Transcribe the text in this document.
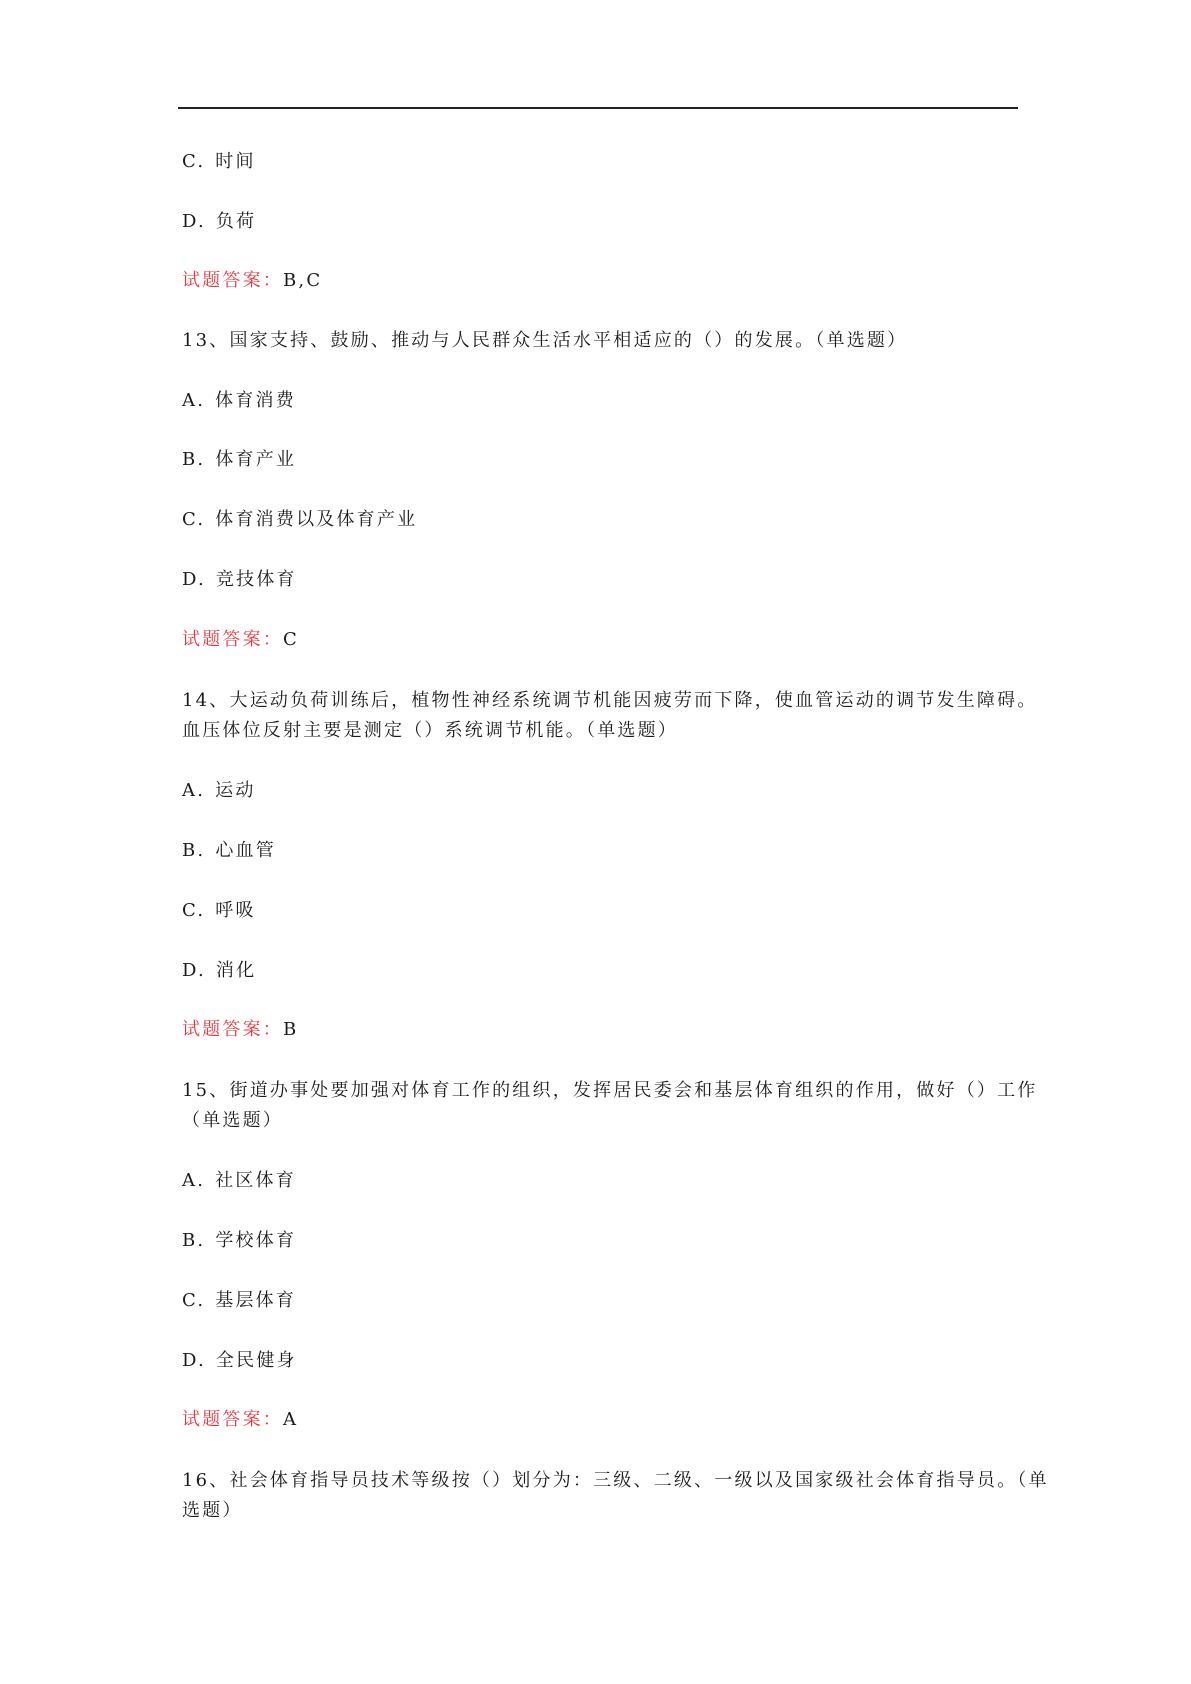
C. 时间
D. 负荷
试题答案：B,C
13、国家支持、鼓励、推动与人民群众生活水平相适应的（）的发展。（单选题）
A. 体育消费
B. 体育产业
C. 体育消费以及体育产业
D. 竞技体育
试题答案：C
14、大运动负荷训练后，植物性神经系统调节机能因疲劳而下降，使血管运动的调节发生障碍。
血压体位反射主要是测定（）系统调节机能。（单选题）
A. 运动
B. 心血管
C. 呼吸
D. 消化
试题答案：B
15、街道办事处要加强对体育工作的组织，发挥居民委会和基层体育组织的作用，做好（）工作
（单选题）
A. 社区体育
B. 学校体育
C. 基层体育
D. 全民健身
试题答案：A
16、社会体育指导员技术等级按（）划分为：三级、二级、一级以及国家级社会体育指导员。（单
选题）
